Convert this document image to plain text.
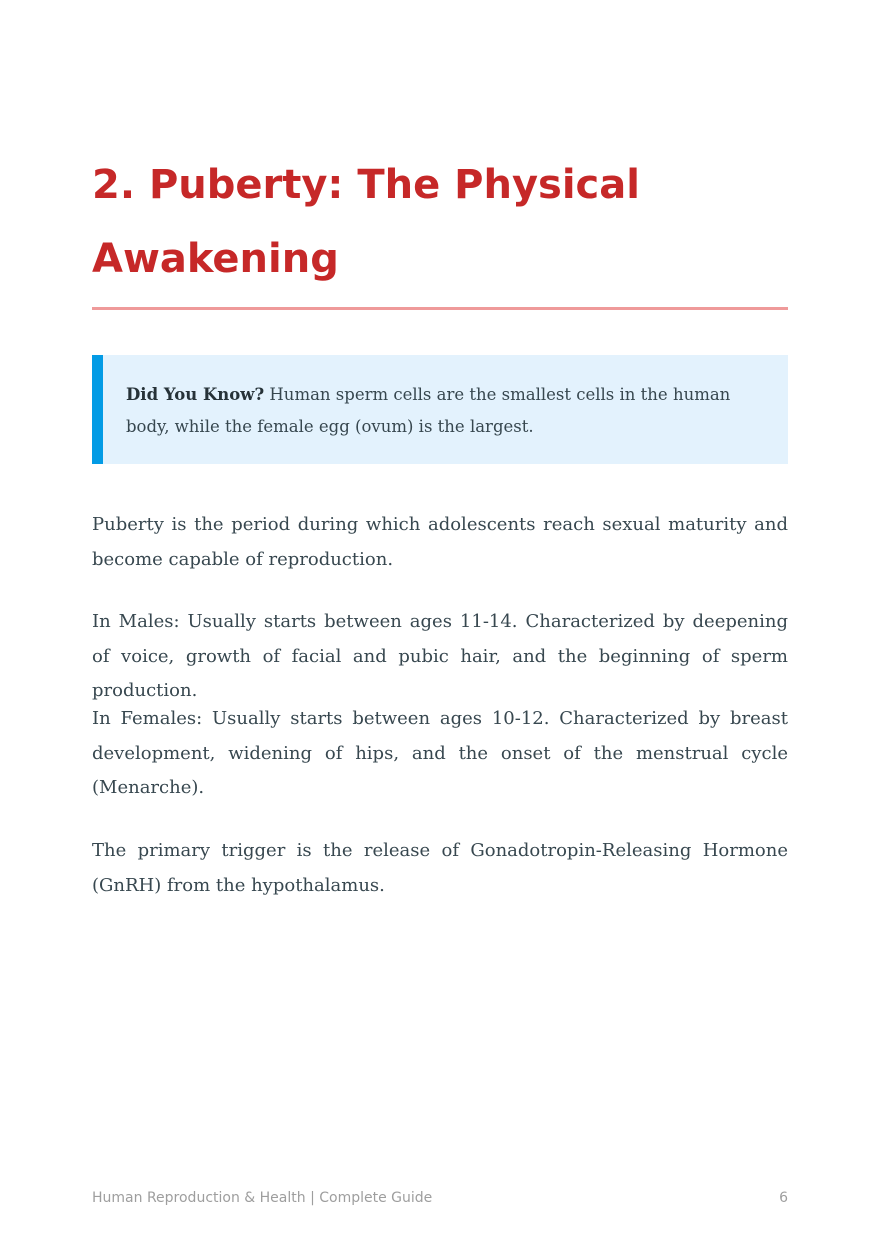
2. Puberty: The Physical Awakening
Did You Know? Human sperm cells are the smallest cells in the human body, while the female egg (ovum) is the largest.

Puberty is the period during which adolescents reach sexual maturity and become capable of reproduction.

In Males: Usually starts between ages 11-14. Characterized by deepening of voice, growth of facial and pubic hair, and the beginning of sperm production.

In Females: Usually starts between ages 10-12. Characterized by breast development, widening of hips, and the onset of the menstrual cycle (Menarche).

The primary trigger is the release of Gonadotropin-Releasing Hormone (GnRH) from the hypothalamus.

Human Reproduction & Health | Complete Guide	6
